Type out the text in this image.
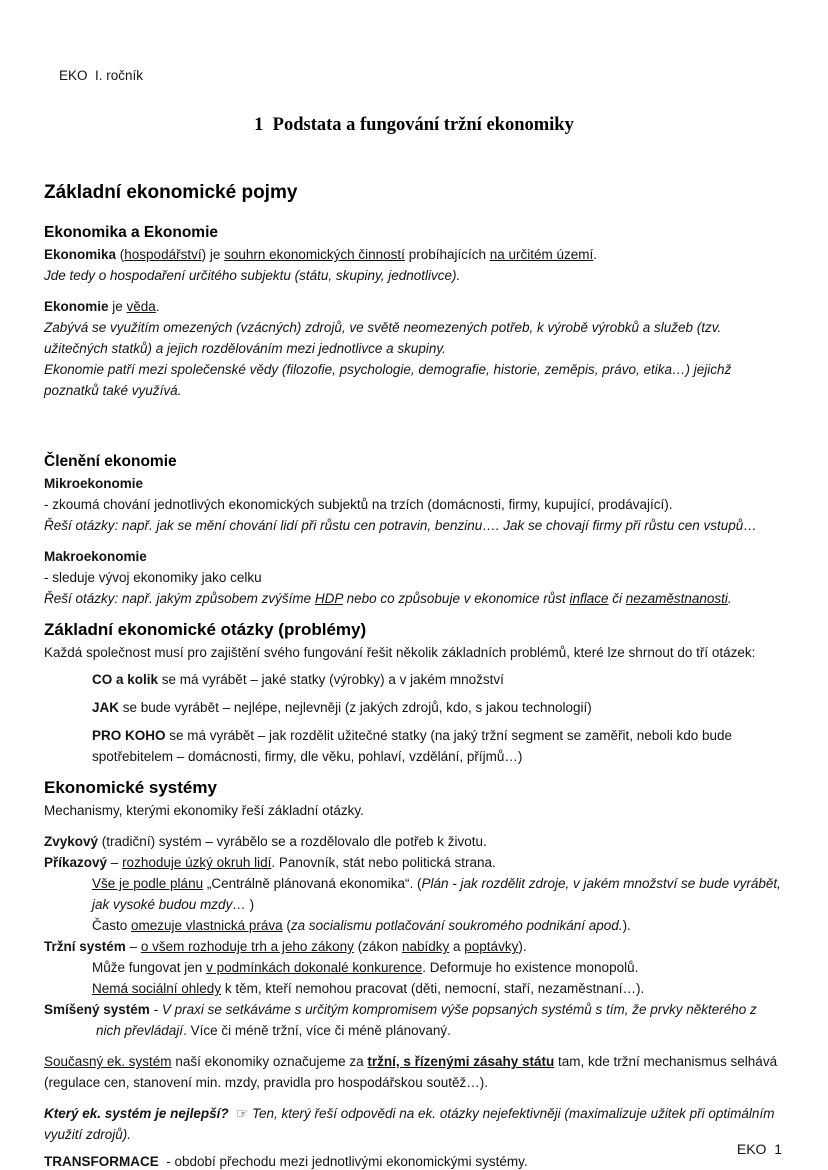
EKO  I. ročník

1  Podstata a fungování tržní ekonomiky
Základní ekonomické pojmy
Ekonomika a Ekonomie

Ekonomika (hospodářství) je souhrn ekonomických činností probíhajících na určitém území.

Jde tedy o hospodaření určitého subjektu (státu, skupiny, jednotlivce).

Ekonomie je věda.

Zabývá se využitím omezených (vzácných) zdrojů, ve světě neomezených potřeb, k výrobě výrobků a služeb (tzv. užitečných statků) a jejich rozdělováním mezi jednotlivce a skupiny.

Ekonomie patří mezi společenské vědy (filozofie, psychologie, demografie, historie, zeměpis, právo, etika…) jejichž poznatků také využívá.

Členění ekonomie

Mikroekonomie

- zkoumá chování jednotlivých ekonomických subjektů na trzích (domácnosti, firmy, kupující, prodávající).

Řeší otázky: např. jak se mění chování lidí při růstu cen potravin, benzinu…. Jak se chovají firmy při růstu cen vstupů…

Makroekonomie

- sleduje vývoj ekonomiky jako celku

Řeší otázky: např. jakým způsobem zvýšíme HDP nebo co způsobuje v ekonomice růst inflace či nezaměstnanosti.

Základní ekonomické otázky (problémy)

Každá společnost musí pro zajištění svého fungování řešit několik základních problémů, které lze shrnout do tří otázek:

CO a kolik se má vyrábět – jaké statky (výrobky) a v jakém množství

JAK se bude vyrábět – nejlépe, nejlevněji (z jakých zdrojů, kdo, s jakou technologií)

PRO KOHO se má vyrábět – jak rozdělit užitečné statky (na jaký tržní segment se zaměřit, neboli kdo bude spotřebitelem – domácnosti, firmy, dle věku, pohlaví, vzdělání, příjmů…)

Ekonomické systémy

Mechanismy, kterými ekonomiky řeší základní otázky.

Zvykový (tradiční) systém – vyrábělo se a rozdělovalo dle potřeb k životu.

Příkazový – rozhoduje úzký okruh lidí. Panovník, stát nebo politická strana.

Vše je podle plánu „Centrálně plánovaná ekonomika“. (Plán - jak rozdělit zdroje, v jakém množství se bude vyrábět, jak vysoké budou mzdy… )

Často omezuje vlastnická práva (za socialismu potlačování soukromého podnikání apod.).

Tržní systém – o všem rozhoduje trh a jeho zákony (zákon nabídky a poptávky).

Může fungovat jen v podmínkách dokonalé konkurence. Deformuje ho existence monopolů.

Nemá sociální ohledy k těm, kteří nemohou pracovat (děti, nemocní, staří, nezaměstnaní…).

Smíšený systém - V praxi se setkáváme s určitým kompromisem výše popsaných systémů s tím, že prvky některého z nich převládají. Více či méně tržní, více či méně plánovaný.

Současný ek. systém naší ekonomiky označujeme za tržní, s řízenými zásahy státu tam, kde tržní mechanismus selhává (regulace cen, stanovení min. mzdy, pravidla pro hospodářskou soutěž…).

Který ek. systém je nejlepší?  ☞ Ten, který řeší odpovědi na ek. otázky nejefektivněji (maximalizuje užitek při optimálním využití zdrojů).

TRANSFORMACE  - období přechodu mezi jednotlivými ekonomickými systémy.

EKO  1
